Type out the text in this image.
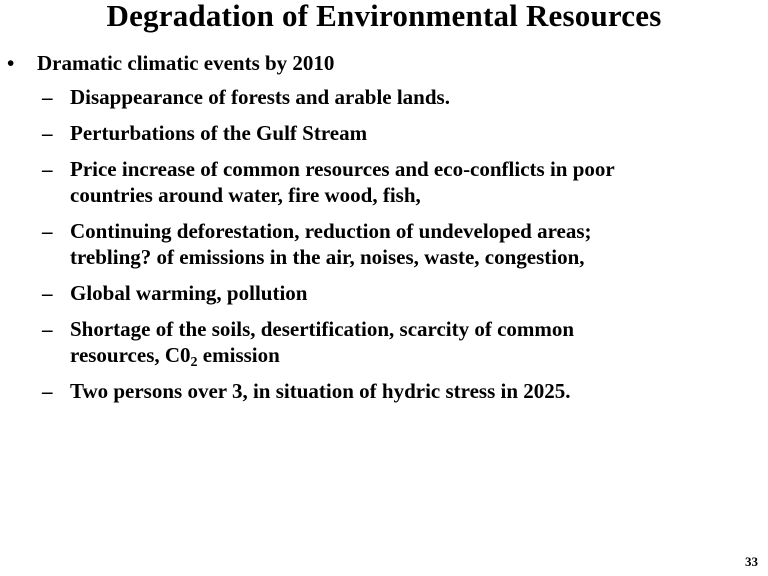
Degradation of Environmental Resources
• Dramatic climatic events by 2010
– Disappearance of forests and arable lands.
– Perturbations of the Gulf Stream
– Price increase of common resources and eco-conflicts in poor
countries around water, fire wood, fish,
– Continuing deforestation, reduction of undeveloped areas;
trebling? of emissions in the air, noises, waste, congestion,
– Global warming, pollution
– Shortage of the soils, desertification, scarcity of common
resources, $C0_2$ emission
– Two persons over 3, in situation of hydric stress in 2025.
33
